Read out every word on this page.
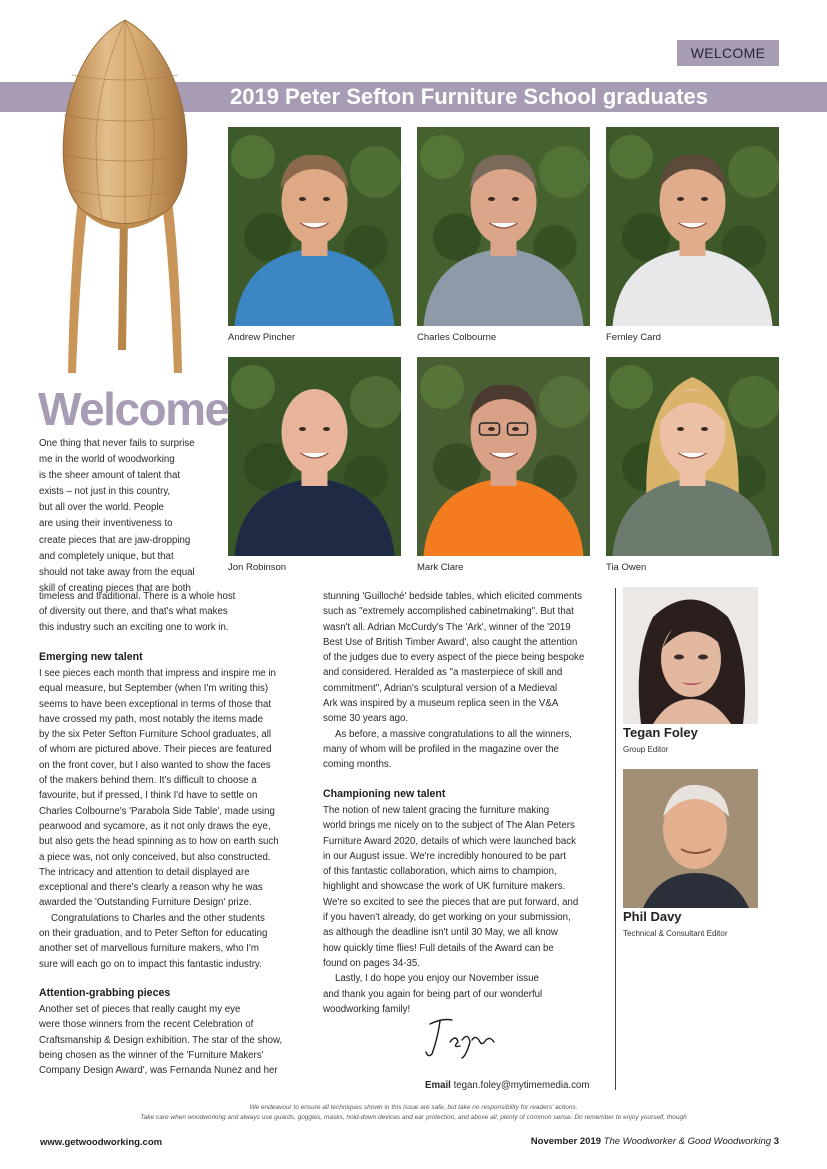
WELCOME
2019 Peter Sefton Furniture School graduates
Andrew Pincher	Charles Colbourne	Fernley Card
Jon Robinson	Mark Clare	Tia Owen
Welcome
One thing that never fails to surprise
me in the world of woodworking
is the sheer amount of talent that
exists – not just in this country,
but all over the world. People
are using their inventiveness to
create pieces that are jaw-dropping
and completely unique, but that
should not take away from the equal
skill of creating pieces that are both
timeless and traditional. There is a whole host
of diversity out there, and that's what makes
this industry such an exciting one to work in.
Emerging new talent
I see pieces each month that impress and inspire me in
equal measure, but September (when I'm writing this)
seems to have been exceptional in terms of those that
have crossed my path, most notably the items made
by the six Peter Sefton Furniture School graduates, all
of whom are pictured above. Their pieces are featured
on the front cover, but I also wanted to show the faces
of the makers behind them. It's difficult to choose a
favourite, but if pressed, I think I'd have to settle on
Charles Colbourne's 'Parabola Side Table', made using
pearwood and sycamore, as it not only draws the eye,
but also gets the head spinning as to how on earth such
a piece was, not only conceived, but also constructed.
The intricacy and attention to detail displayed are
exceptional and there's clearly a reason why he was
awarded the 'Outstanding Furniture Design' prize.
Congratulations to Charles and the other students
on their graduation, and to Peter Sefton for educating
another set of marvellous furniture makers, who I'm
sure will each go on to impact this fantastic industry.
Attention-grabbing pieces
Another set of pieces that really caught my eye
were those winners from the recent Celebration of
Craftsmanship & Design exhibition. The star of the show,
being chosen as the winner of the 'Furniture Makers'
Company Design Award', was Fernanda Nunez and her
stunning 'Guilloché' bedside tables, which elicited comments
such as "extremely accomplished cabinetmaking". But that
wasn't all. Adrian McCurdy's The 'Ark', winner of the '2019
Best Use of British Timber Award', also caught the attention
of the judges due to every aspect of the piece being bespoke
and considered. Heralded as "a masterpiece of skill and
commitment", Adrian's sculptural version of a Medieval
Ark was inspired by a museum replica seen in the V&A
some 30 years ago.
As before, a massive congratulations to all the winners,
many of whom will be profiled in the magazine over the
coming months.
Championing new talent
The notion of new talent gracing the furniture making
world brings me nicely on to the subject of The Alan Peters
Furniture Award 2020, details of which were launched back
in our August issue. We're incredibly honoured to be part
of this fantastic collaboration, which aims to champion,
highlight and showcase the work of UK furniture makers.
We're so excited to see the pieces that are put forward, and
if you haven't already, do get working on your submission,
as although the deadline isn't until 30 May, we all know
how quickly time flies! Full details of the Award can be
found on pages 34-35.
Lastly, I do hope you enjoy our November issue
and thank you again for being part of our wonderful
woodworking family!
Email tegan.foley@mytimemedia.com
Tegan Foley
Group Editor
Phil Davy
Technical & Consultant Editor
We endeavour to ensure all techniques shown in this issue are safe, but take no responsibility for readers' actions.
Take care when woodworking and always use guards, goggles, masks, hold-down devices and ear protection, and above all, plenty of common sense. Do remember to enjoy yourself, though
www.getwoodworking.com	November 2019 The Woodworker & Good Woodworking 3
